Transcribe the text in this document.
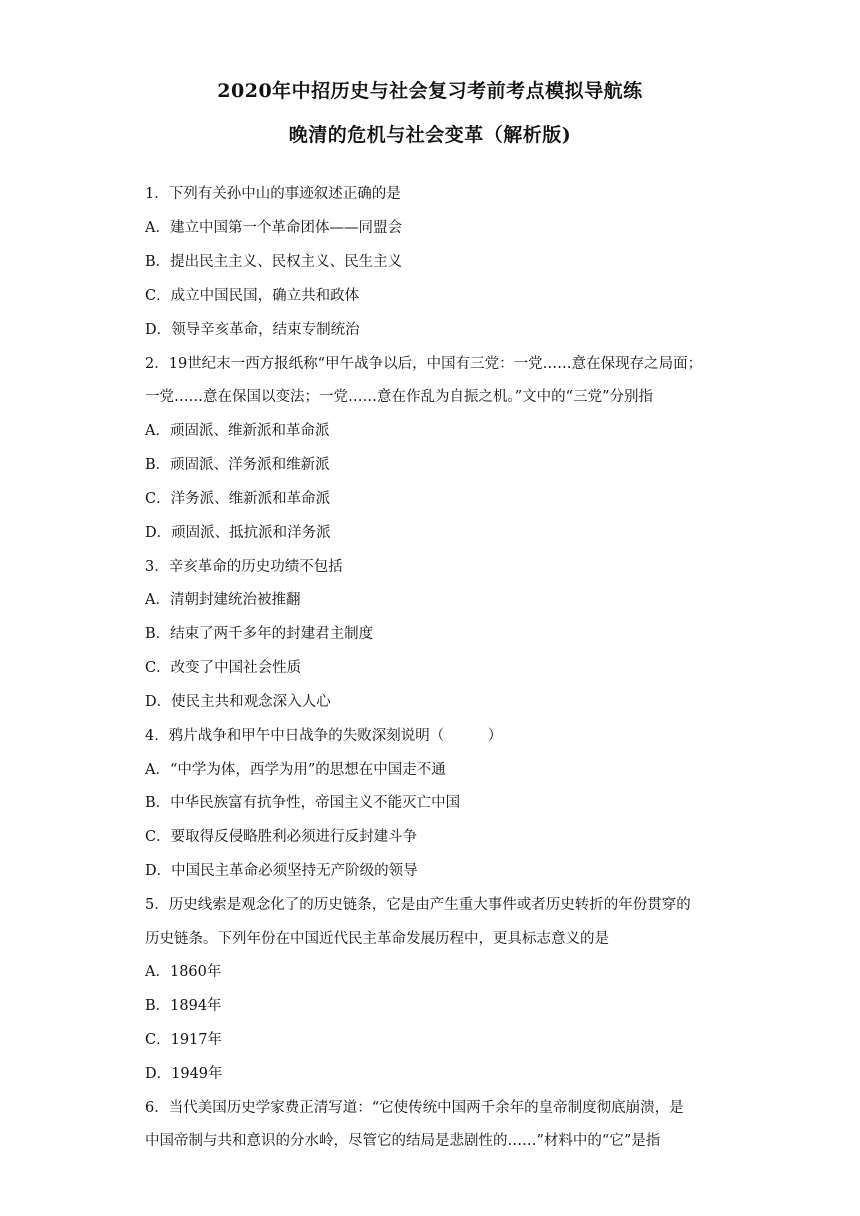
2020年中招历史与社会复习考前考点模拟导航练
晚清的危机与社会变革（解析版)
1．下列有关孙中山的事迹叙述正确的是
A．建立中国第一个革命团体——同盟会
B．提出民主主义、民权主义、民生主义
C．成立中国民国，确立共和政体
D．领导辛亥革命，结束专制统治
2．19世纪末一西方报纸称“甲午战争以后，中国有三党：一党……意在保现存之局面；
一党……意在保国以变法；一党……意在作乱为自振之机。”文中的“三党”分别指
A．顽固派、维新派和革命派
B．顽固派、洋务派和维新派
C．洋务派、维新派和革命派
D．顽固派、抵抗派和洋务派
3．辛亥革命的历史功绩不包括
A．清朝封建统治被推翻
B．结束了两千多年的封建君主制度
C．改变了中国社会性质
D．使民主共和观念深入人心
4．鸦片战争和甲午中日战争的失败深刻说明（　　　）
A．“中学为体，西学为用”的思想在中国走不通
B．中华民族富有抗争性，帝国主义不能灭亡中国
C．要取得反侵略胜利必须进行反封建斗争
D．中国民主革命必须坚持无产阶级的领导
5．历史线索是观念化了的历史链条，它是由产生重大事件或者历史转折的年份贯穿的
历史链条。下列年份在中国近代民主革命发展历程中，更具标志意义的是
A．1860年
B．1894年
C．1917年
D．1949年
6．当代美国历史学家费正清写道：“它使传统中国两千余年的皇帝制度彻底崩溃，是
中国帝制与共和意识的分水岭，尽管它的结局是悲剧性的……”材料中的“它”是指
